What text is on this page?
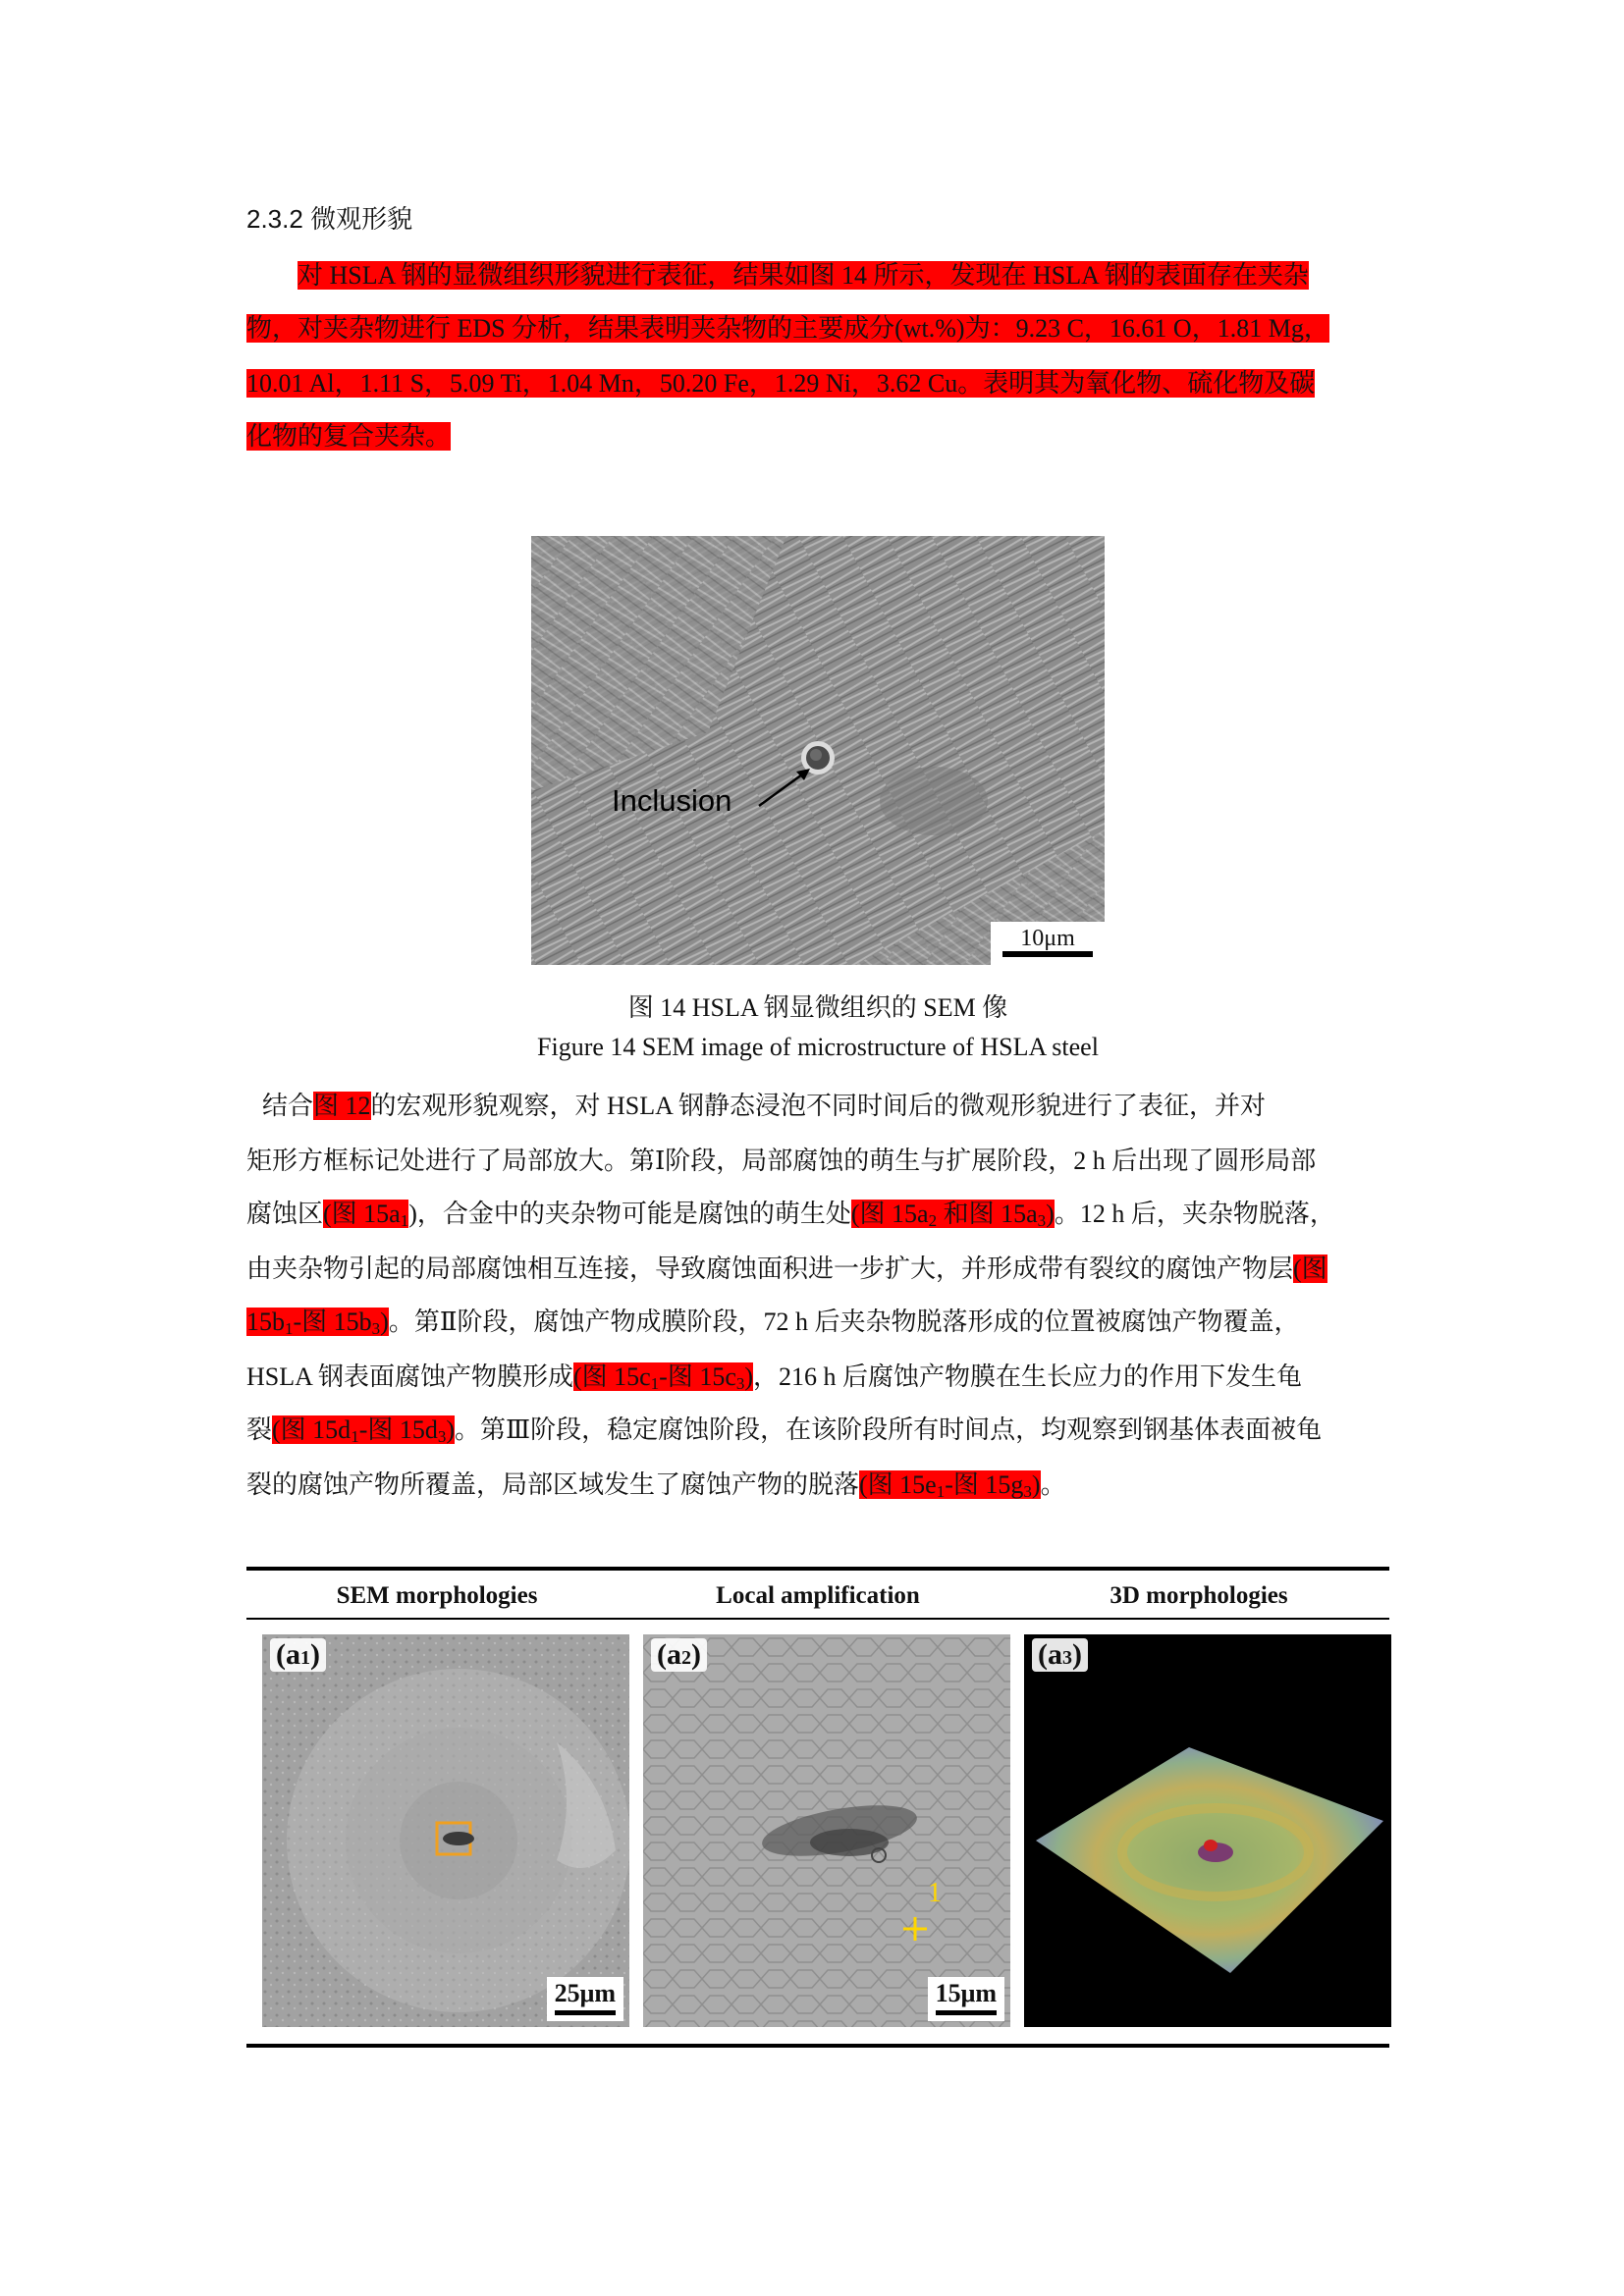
2.3.2 微观形貌
对 HSLA 钢的显微组织形貌进行表征，结果如图 14 所示，发现在 HSLA 钢的表面存在夹杂
物，对夹杂物进行 EDS 分析，结果表明夹杂物的主要成分(wt.%)为：9.23 C，16.61 O，1.81 Mg，
10.01 Al，1.11 S，5.09 Ti，1.04 Mn，50.20 Fe，1.29 Ni，3.62 Cu。表明其为氧化物、硫化物及碳
化物的复合夹杂。
Inclusion
10μm
图 14 HSLA 钢显微组织的 SEM 像
Figure 14 SEM image of microstructure of HSLA steel
结合图 12的宏观形貌观察，对 HSLA 钢静态浸泡不同时间后的微观形貌进行了表征，并对
矩形方框标记处进行了局部放大。第Ⅰ阶段，局部腐蚀的萌生与扩展阶段，2 h 后出现了圆形局部
腐蚀区(图 $15a_1$)，合金中的夹杂物可能是腐蚀的萌生处(图 $15a_2$ 和图 $15a_3$)。12 h 后，夹杂物脱落，
由夹杂物引起的局部腐蚀相互连接，导致腐蚀面积进一步扩大，并形成带有裂纹的腐蚀产物层(图
$15b_1-$图 $15b_3$)。第Ⅱ阶段，腐蚀产物成膜阶段，72 h 后夹杂物脱落形成的位置被腐蚀产物覆盖，
HSLA 钢表面腐蚀产物膜形成(图 $15c_1-$图 $15c_3$)，216 h 后腐蚀产物膜在生长应力的作用下发生龟
裂(图 $15d_1-$图 $15d_3$)。第Ⅲ阶段，稳定腐蚀阶段，在该阶段所有时间点，均观察到钢基体表面被龟
裂的腐蚀产物所覆盖，局部区域发生了腐蚀产物的脱落(图 $15e_1-$图 $15g_3$)。
SEM morphologies	Local amplification	3D morphologies
(a1)
25μm
1
(a2)
15μm
(a3)
